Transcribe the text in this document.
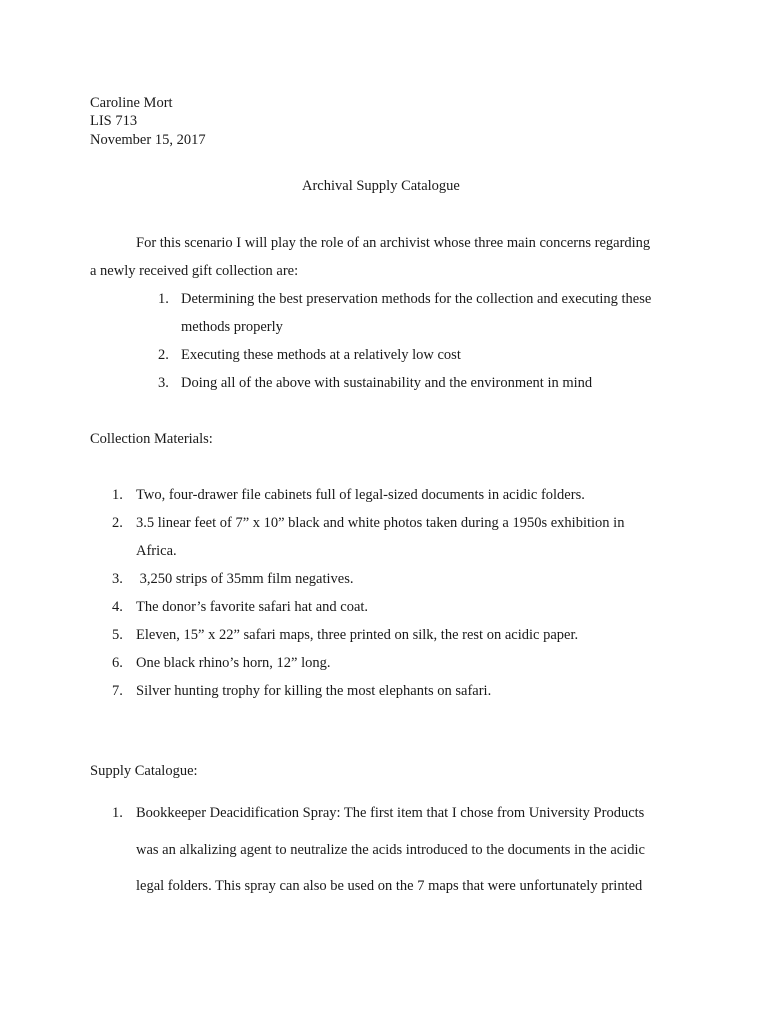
Caroline Mort
LIS 713
November 15, 2017
Archival Supply Catalogue
For this scenario I will play the role of an archivist whose three main concerns regarding
a newly received gift collection are:
1. Determining the best preservation methods for the collection and executing these
methods properly
2. Executing these methods at a relatively low cost
3. Doing all of the above with sustainability and the environment in mind
Collection Materials:
1. Two, four-drawer file cabinets full of legal-sized documents in acidic folders.
2. 3.5 linear feet of 7” x 10” black and white photos taken during a 1950s exhibition in
Africa.
3. 3,250 strips of 35mm film negatives.
4. The donor’s favorite safari hat and coat.
5. Eleven, 15” x 22” safari maps, three printed on silk, the rest on acidic paper.
6. One black rhino’s horn, 12” long.
7. Silver hunting trophy for killing the most elephants on safari.
Supply Catalogue:
1. Bookkeeper Deacidification Spray: The first item that I chose from University Products
was an alkalizing agent to neutralize the acids introduced to the documents in the acidic
legal folders. This spray can also be used on the 7 maps that were unfortunately printed
